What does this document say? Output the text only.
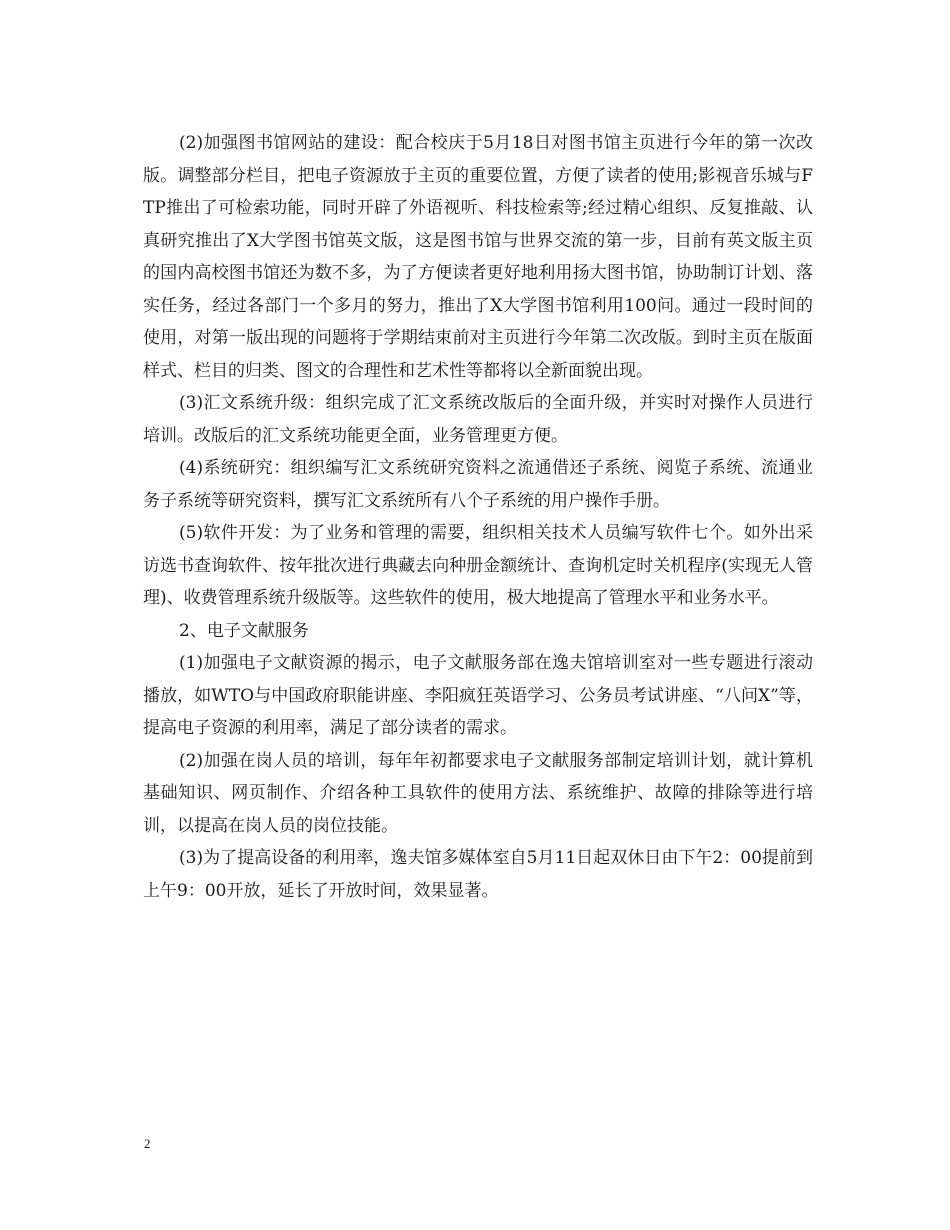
(2)加强图书馆网站的建设：配合校庆于5月18日对图书馆主页进行今年的第一次改版。调整部分栏目，把电子资源放于主页的重要位置，方便了读者的使用;影视音乐城与FTP推出了可检索功能，同时开辟了外语视听、科技检索等;经过精心组织、反复推敲、认真研究推出了X大学图书馆英文版，这是图书馆与世界交流的第一步，目前有英文版主页的国内高校图书馆还为数不多，为了方便读者更好地利用扬大图书馆，协助制订计划、落实任务，经过各部门一个多月的努力，推出了X大学图书馆利用100问。通过一段时间的使用，对第一版出现的问题将于学期结束前对主页进行今年第二次改版。到时主页在版面样式、栏目的归类、图文的合理性和艺术性等都将以全新面貌出现。

(3)汇文系统升级：组织完成了汇文系统改版后的全面升级，并实时对操作人员进行培训。改版后的汇文系统功能更全面，业务管理更方便。

(4)系统研究：组织编写汇文系统研究资料之流通借还子系统、阅览子系统、流通业务子系统等研究资料，撰写汇文系统所有八个子系统的用户操作手册。

(5)软件开发：为了业务和管理的需要，组织相关技术人员编写软件七个。如外出采访选书查询软件、按年批次进行典藏去向种册金额统计、查询机定时关机程序(实现无人管理)、收费管理系统升级版等。这些软件的使用，极大地提高了管理水平和业务水平。

2、电子文献服务

(1)加强电子文献资源的揭示，电子文献服务部在逸夫馆培训室对一些专题进行滚动播放，如WTO与中国政府职能讲座、李阳疯狂英语学习、公务员考试讲座、“八问X”等，提高电子资源的利用率，满足了部分读者的需求。

(2)加强在岗人员的培训，每年年初都要求电子文献服务部制定培训计划，就计算机基础知识、网页制作、介绍各种工具软件的使用方法、系统维护、故障的排除等进行培训，以提高在岗人员的岗位技能。

(3)为了提高设备的利用率，逸夫馆多媒体室自5月11日起双休日由下午2：00提前到上午9：00开放，延长了开放时间，效果显著。

2
